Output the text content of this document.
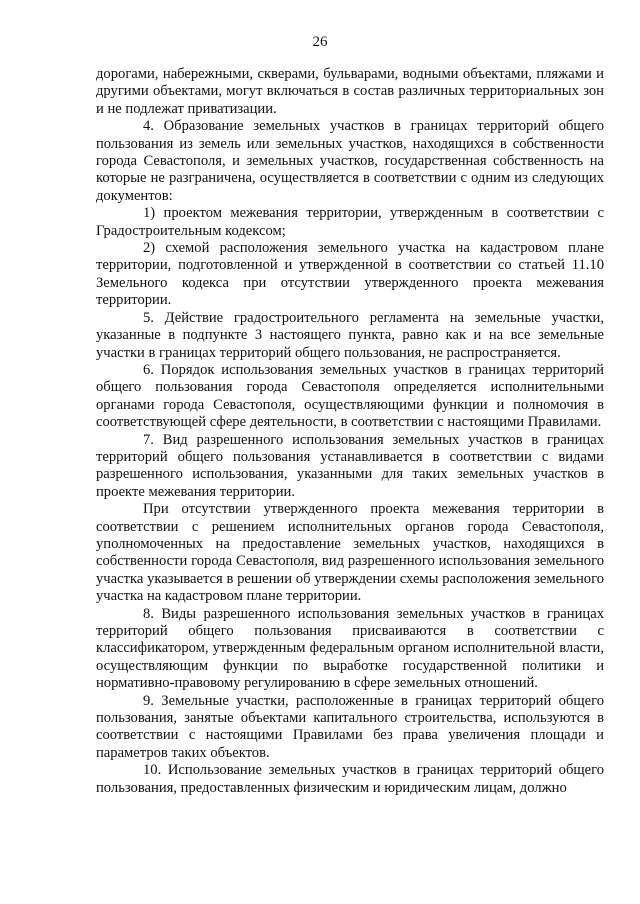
26

дорогами, набережными, скверами, бульварами, водными объектами, пляжами и другими объектами, могут включаться в состав различных территориальных зон и не подлежат приватизации.

4. Образование земельных участков в границах территорий общего пользования из земель или земельных участков, находящихся в собственности города Севастополя, и земельных участков, государственная собственность на которые не разграничена, осуществляется в соответствии с одним из следующих документов:

1) проектом межевания территории, утвержденным в соответствии с Градостроительным кодексом;

2) схемой расположения земельного участка на кадастровом плане территории, подготовленной и утвержденной в соответствии со статьей 11.10 Земельного кодекса при отсутствии утвержденного проекта межевания территории.

5. Действие градостроительного регламента на земельные участки, указанные в подпункте 3 настоящего пункта, равно как и на все земельные участки в границах территорий общего пользования, не распространяется.

6. Порядок использования земельных участков в границах территорий общего пользования города Севастополя определяется исполнительными органами города Севастополя, осуществляющими функции и полномочия в соответствующей сфере деятельности, в соответствии с настоящими Правилами.

7. Вид разрешенного использования земельных участков в границах территорий общего пользования устанавливается в соответствии с видами разрешенного использования, указанными для таких земельных участков в проекте межевания территории.

При отсутствии утвержденного проекта межевания территории в соответствии с решением исполнительных органов города Севастополя, уполномоченных на предоставление земельных участков, находящихся в собственности города Севастополя, вид разрешенного использования земельного участка указывается в решении об утверждении схемы расположения земельного участка на кадастровом плане территории.

8. Виды разрешенного использования земельных участков в границах территорий общего пользования присваиваются в соответствии с классификатором, утвержденным федеральным органом исполнительной власти, осуществляющим функции по выработке государственной политики и нормативно-правовому регулированию в сфере земельных отношений.

9. Земельные участки, расположенные в границах территорий общего пользования, занятые объектами капитального строительства, используются в соответствии с настоящими Правилами без права увеличения площади и параметров таких объектов.

10. Использование земельных участков в границах территорий общего пользования, предоставленных физическим и юридическим лицам, должно
